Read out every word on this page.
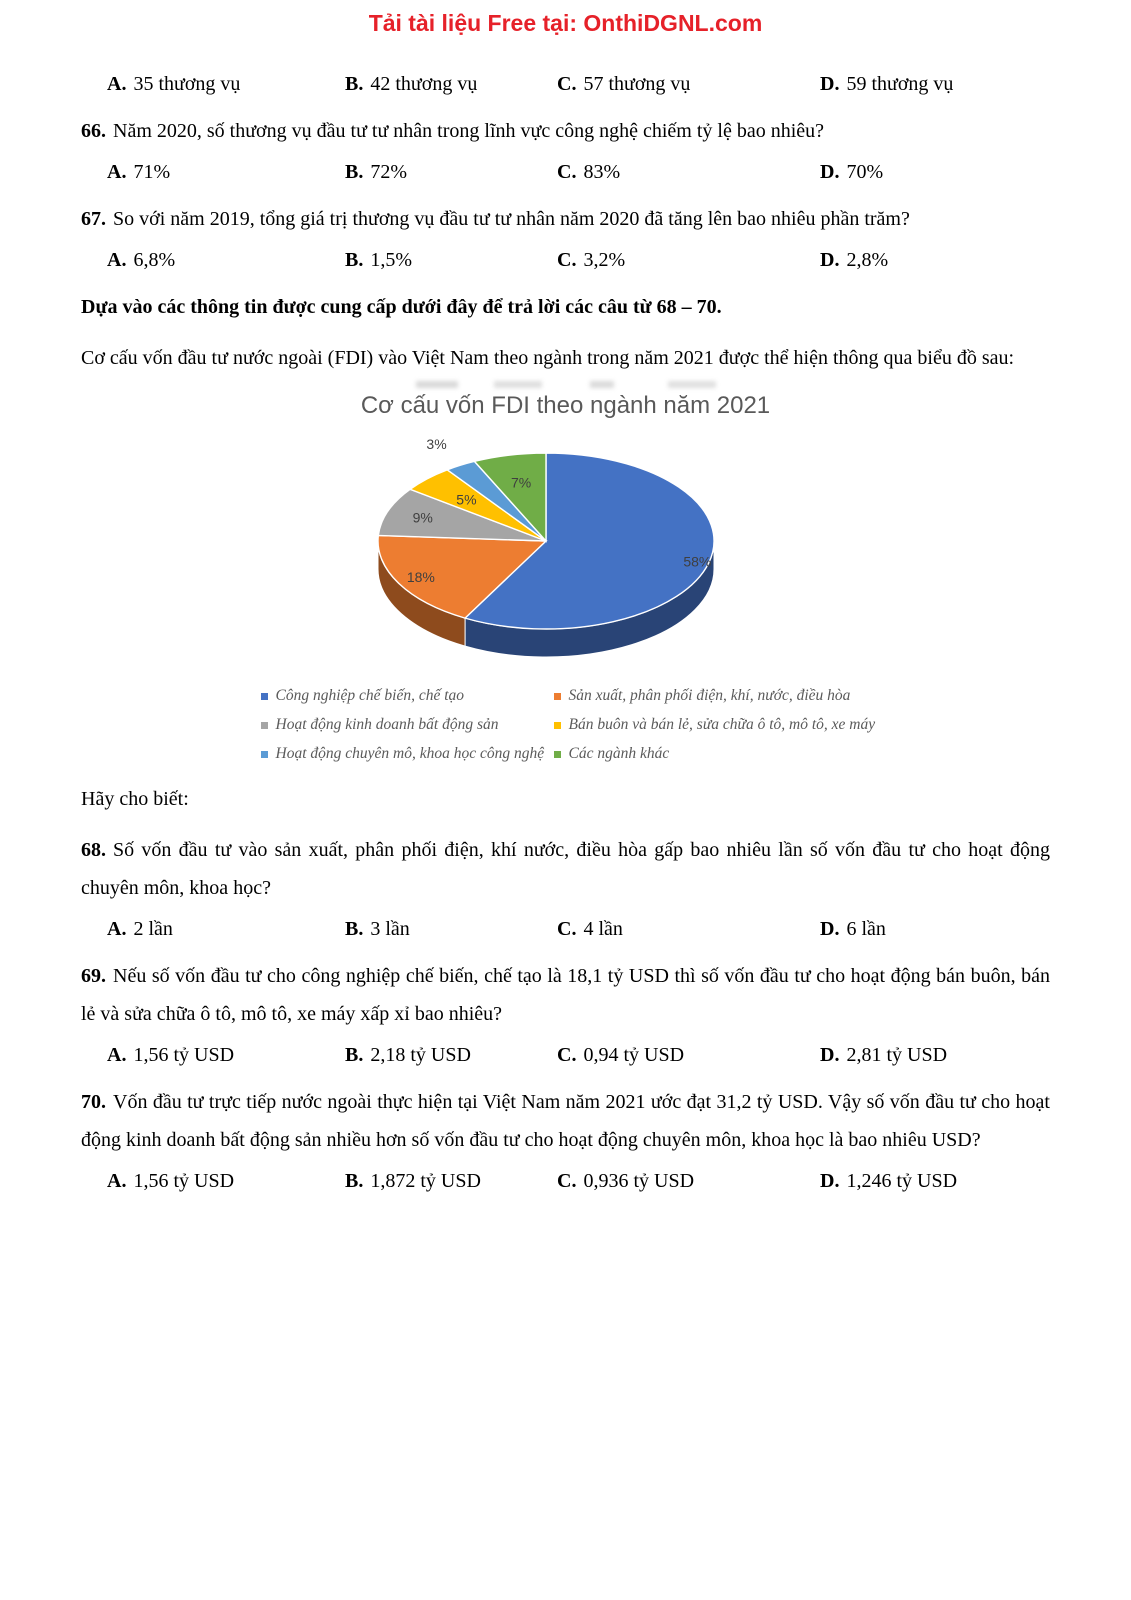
Tải tài liệu Free tại: OnthiDGNL.com
A. 35 thương vụ	B. 42 thương vụ	C. 57 thương vụ	D. 59 thương vụ

66. Năm 2020, số thương vụ đầu tư tư nhân trong lĩnh vực công nghệ chiếm tỷ lệ bao nhiêu?

A. 71%	B. 72%	C. 83%	D. 70%

67. So với năm 2019, tổng giá trị thương vụ đầu tư tư nhân năm 2020 đã tăng lên bao nhiêu phần trăm?

A. 6,8%	B. 1,5%	C. 3,2%	D. 2,8%

Dựa vào các thông tin được cung cấp dưới đây để trả lời các câu từ 68 – 70.

Cơ cấu vốn đầu tư nước ngoài (FDI) vào Việt Nam theo ngành trong năm 2021 được thể hiện thông qua biểu đồ sau:

Cơ cấu vốn FDI theo ngành năm 2021

58%
18%
9%
5%
3%
7%
Công nghiệp chế biến, chế tạo	Sản xuất, phân phối điện, khí, nước, điều hòa
Hoạt động kinh doanh bất động sản	Bán buôn và bán lẻ, sửa chữa ô tô, mô tô, xe máy
Hoạt động chuyên mô, khoa học công nghệ Các ngành khác

Hãy cho biết:

68. Số vốn đầu tư vào sản xuất, phân phối điện, khí nước, điều hòa gấp bao nhiêu lần số vốn đầu tư cho hoạt động chuyên môn, khoa học?

A. 2 lần	B. 3 lần	C. 4 lần	D. 6 lần

69. Nếu số vốn đầu tư cho công nghiệp chế biến, chế tạo là 18,1 tỷ USD thì số vốn đầu tư cho hoạt động bán buôn, bán lẻ và sửa chữa ô tô, mô tô, xe máy xấp xỉ bao nhiêu?

A. 1,56 tỷ USD	B. 2,18 tỷ USD	C. 0,94 tỷ USD	D. 2,81 tỷ USD

70. Vốn đầu tư trực tiếp nước ngoài thực hiện tại Việt Nam năm 2021 ước đạt 31,2 tỷ USD. Vậy số vốn đầu tư cho hoạt động kinh doanh bất động sản nhiều hơn số vốn đầu tư cho hoạt động chuyên môn, khoa học là bao nhiêu USD?

A. 1,56 tỷ USD	B. 1,872 tỷ USD	C. 0,936 tỷ USD	D. 1,246 tỷ USD
